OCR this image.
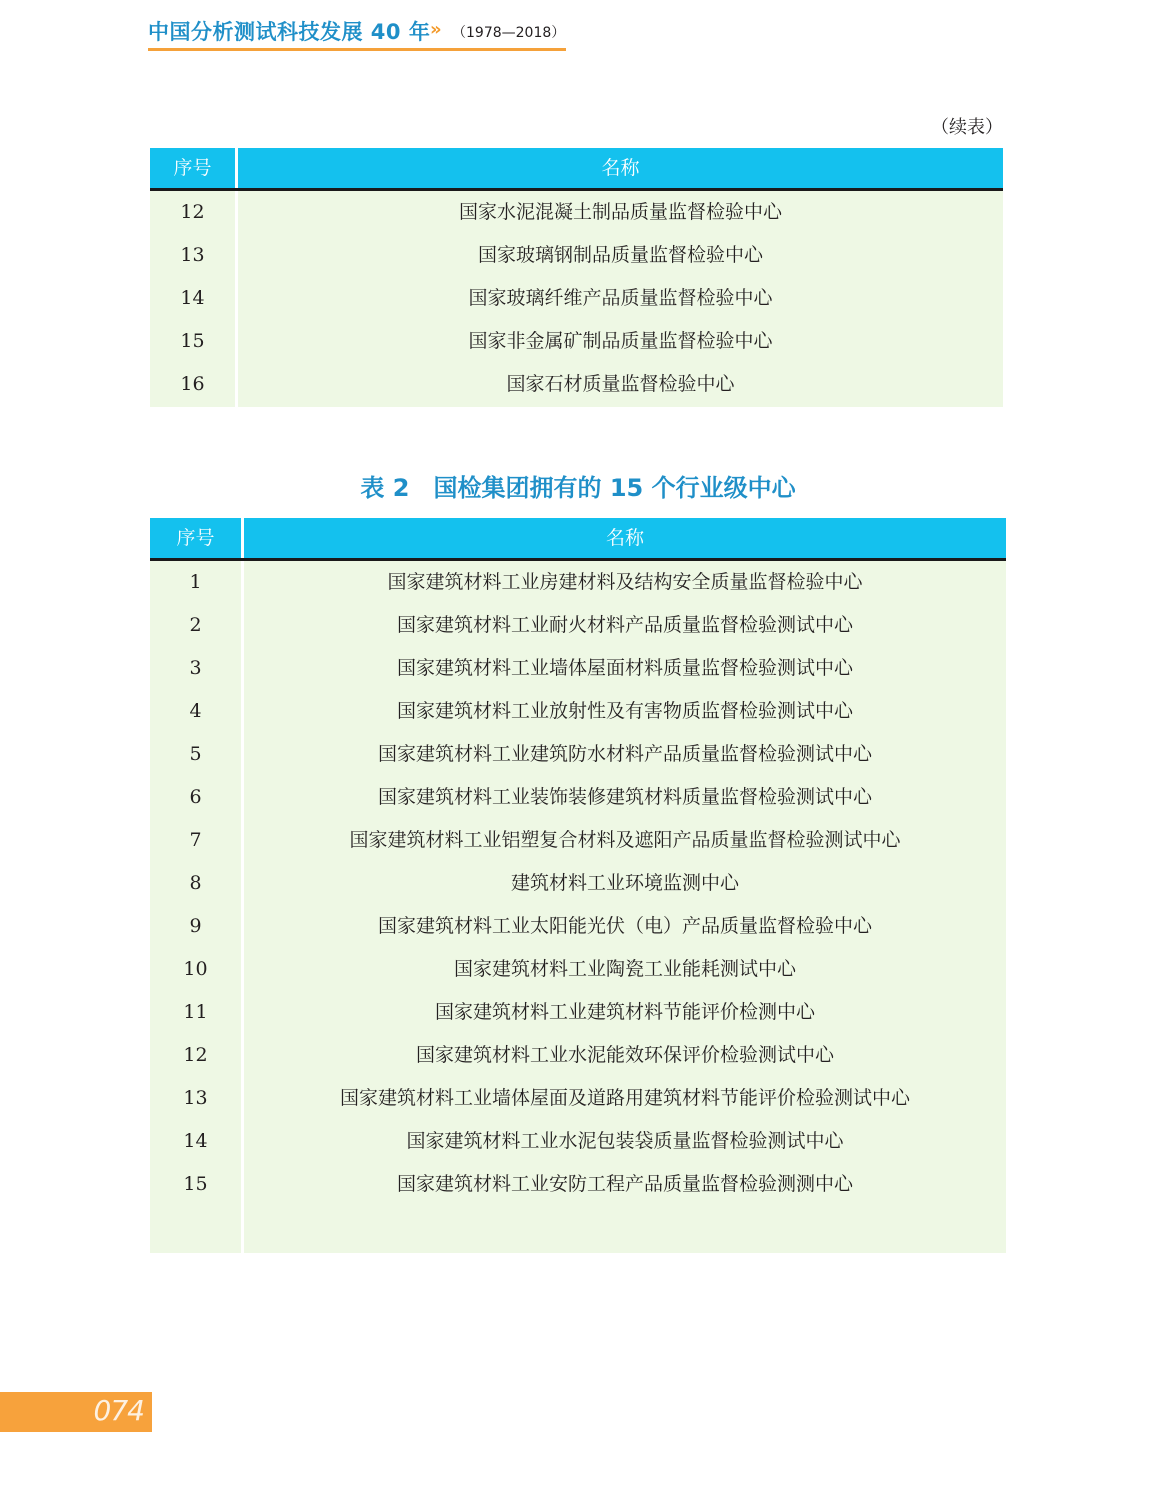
中国分析测试科技发展 40 年 » （1978—2018）
（续表）
序号	名称
12	国家水泥混凝土制品质量监督检验中心
13	国家玻璃钢制品质量监督检验中心
14	国家玻璃纤维产品质量监督检验中心
15	国家非金属矿制品质量监督检验中心
16	国家石材质量监督检验中心
表 2　国检集团拥有的 15 个行业级中心
序号	名称
1	国家建筑材料工业房建材料及结构安全质量监督检验中心
2	国家建筑材料工业耐火材料产品质量监督检验测试中心
3	国家建筑材料工业墙体屋面材料质量监督检验测试中心
4	国家建筑材料工业放射性及有害物质监督检验测试中心
5	国家建筑材料工业建筑防水材料产品质量监督检验测试中心
6	国家建筑材料工业装饰装修建筑材料质量监督检验测试中心
7	国家建筑材料工业铝塑复合材料及遮阳产品质量监督检验测试中心
8	建筑材料工业环境监测中心
9	国家建筑材料工业太阳能光伏（电）产品质量监督检验中心
10	国家建筑材料工业陶瓷工业能耗测试中心
11	国家建筑材料工业建筑材料节能评价检测中心
12	国家建筑材料工业水泥能效环保评价检验测试中心
13	国家建筑材料工业墙体屋面及道路用建筑材料节能评价检验测试中心
14	国家建筑材料工业水泥包装袋质量监督检验测试中心
15	国家建筑材料工业安防工程产品质量监督检验测测中心
074
